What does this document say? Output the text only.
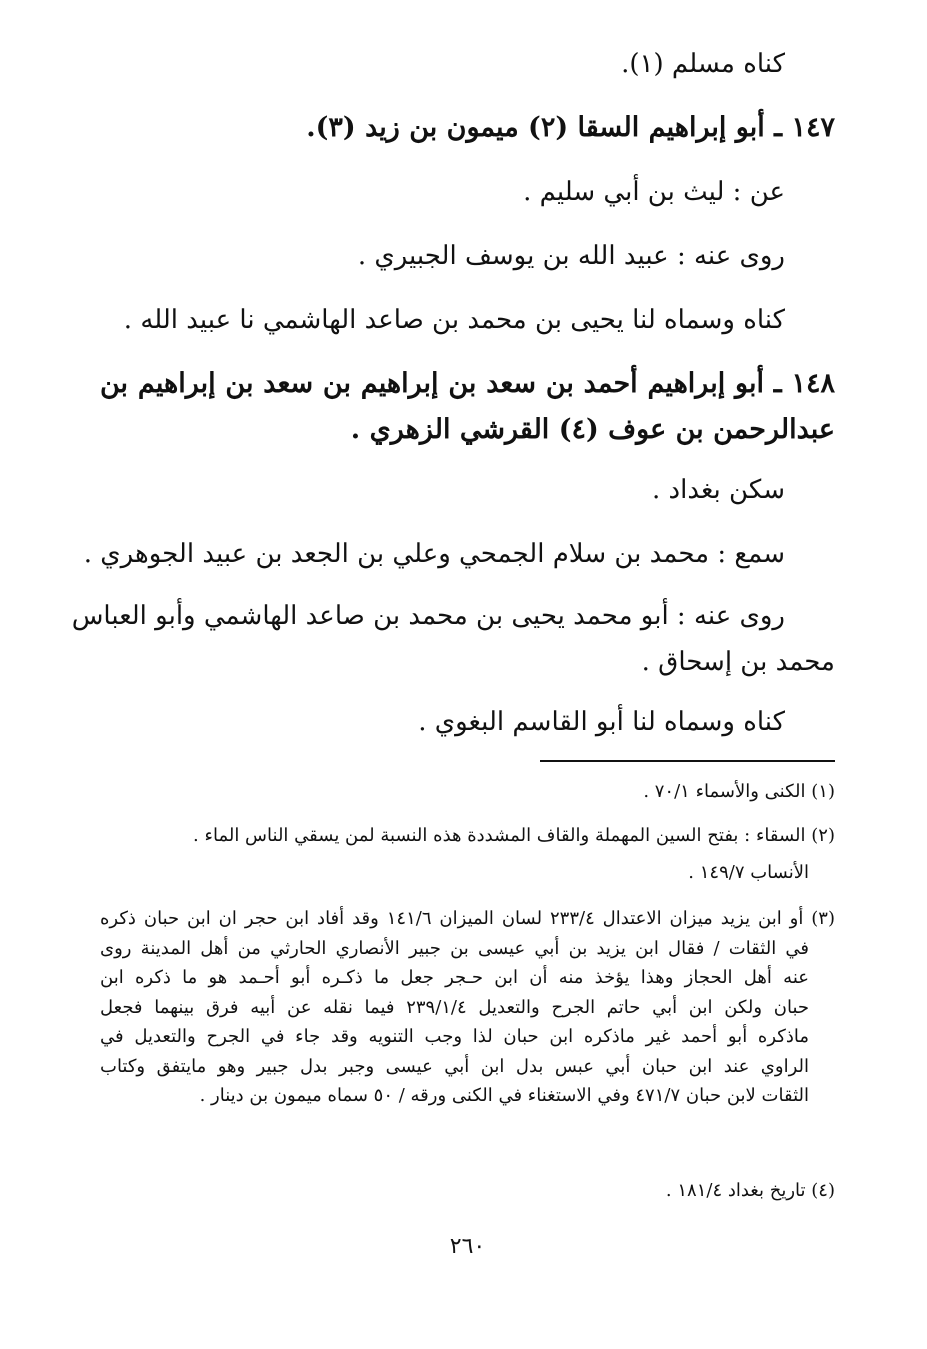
كناه مسلم (١).
١٤٧ ـ أبو إبراهيم السقا (٢) ميمون بن زيد (٣).
عن : ليث بن أبي سليم .
روى عنه : عبيد الله بن يوسف الجبيري .
كناه وسماه لنا يحيى بن محمد بن صاعد الهاشمي نا عبيد الله .
١٤٨ ـ أبو إبراهيم أحمد بن سعد بن إبراهيم بن سعد بن إبراهيم بن
عبدالرحمن بن عوف (٤) القرشي الزهري .
سكن بغداد .
سمع : محمد بن سلام الجمحي وعلي بن الجعد بن عبيد الجوهري .
روى عنه : أبو محمد يحيى بن محمد بن صاعد الهاشمي وأبو العباس
محمد بن إسحاق .
كناه وسماه لنا أبو القاسم البغوي .
(١) الكنى والأسماء ٧٠/١ .
(٢) السقاء : بفتح السين المهملة والقاف المشددة هذه النسبة لمن يسقي الناس الماء .
الأنساب ١٤٩/٧ .
(٣) أو ابن يزيد ميزان الاعتدال ٢٣٣/٤ لسان الميزان ١٤١/٦ وقد أفاد ابن حجر ان ابن حبان ذكره
في الثقات / فقال ابن يزيد بن أبي عيسى بن جبير الأنصاري الحارثي من أهل المدينة روى
عنه أهل الحجاز وهذا يؤخذ منه أن ابن حـجر جعل ما ذكـره أبو أحـمد هو ما ذكره ابن
حبان ولكن ابن أبي حاتم الجرح والتعديل ٢٣٩/١/٤ فيما نقله عن أبيه فرق بينهما فجعل
ماذكره أبو أحمد غير ماذكره ابن حبان لذا وجب التنويه وقد جاء في الجرح والتعديل في
الراوي عند ابن حبان أبي عبس بدل ابن أبي عيسى وجبر بدل جبير وهو مايتفق وكتاب
الثقات لابن حبان ٤٧١/٧ وفي الاستغناء في الكنى ورقه / ٥٠ سماه ميمون بن دينار .
(٤) تاريخ بغداد ١٨١/٤ .
٢٦٠
